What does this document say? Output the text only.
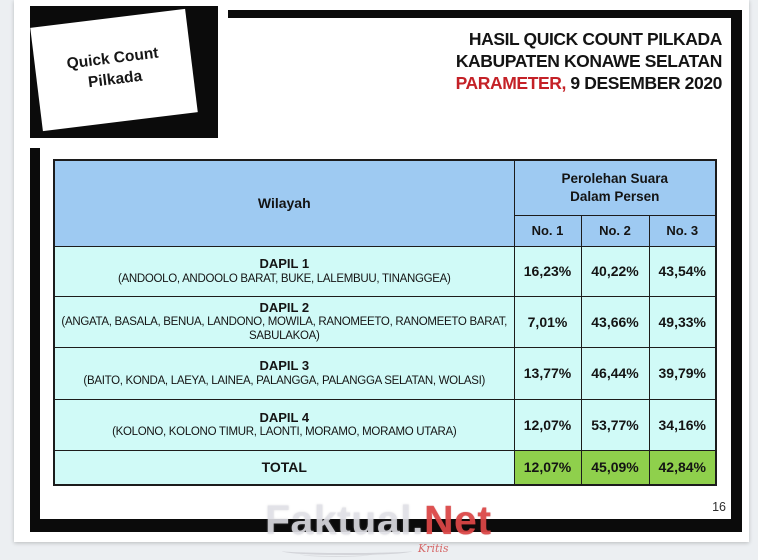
Quick Count
Pilkada
HASIL QUICK COUNT PILKADA
KABUPATEN KONAWE SELATAN
PARAMETER, 9 DESEMBER 2020
Wilayah	Perolehan Suara
Dalam Persen		
	No. 1	No. 2	No. 3

DAPIL 1
(ANDOOLO, ANDOOLO BARAT, BUKE, LALEMBUU, TINANGGEA)	16,23%	40,22%	43,54%

DAPIL 2
(ANGATA, BASALA, BENUA, LANDONO, MOWILA, RANOMEETO, RANOMEETO BARAT, SABULAKOA)	7,01%	43,66%	49,33%

DAPIL 3
(BAITO, KONDA, LAEYA, LAINEA, PALANGGA, PALANGGA SELATAN, WOLASI)	13,77%	46,44%	39,79%

DAPIL 4
(KOLONO, KOLONO TIMUR, LAONTI, MORAMO, MORAMO UTARA)	12,07%	53,77%	34,16%
TOTAL	12,07%	45,09%	42,84%
16
Faktual.Net
Kritis
